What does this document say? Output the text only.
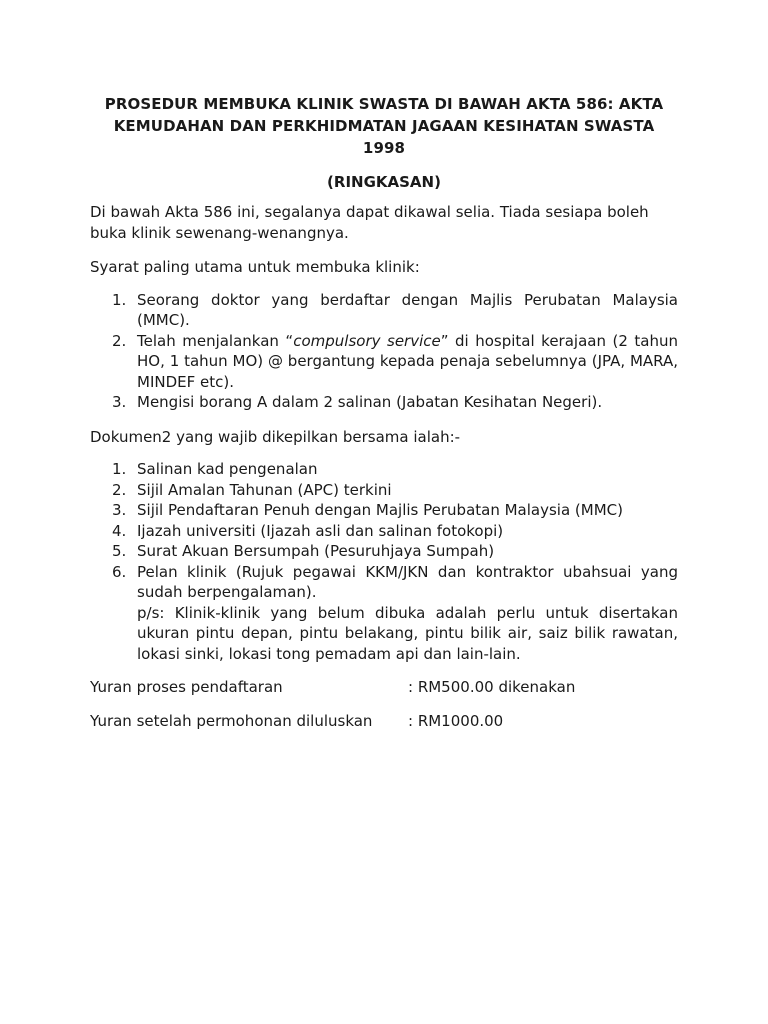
PROSEDUR MEMBUKA KLINIK SWASTA DI BAWAH AKTA 586: AKTA

KEMUDAHAN DAN PERKHIDMATAN JAGAAN KESIHATAN SWASTA 1998

(RINGKASAN)

Di bawah Akta 586 ini, segalanya dapat dikawal selia. Tiada sesiapa boleh buka klinik sewenang-wenangnya.

Syarat paling utama untuk membuka klinik:

1. Seorang doktor yang berdaftar dengan Majlis Perubatan Malaysia (MMC).
2. Telah menjalankan “compulsory service” di hospital kerajaan (2 tahun HO, 1 tahun MO) @ bergantung kepada penaja sebelumnya (JPA, MARA, MINDEF etc).
3. Mengisi borang A dalam 2 salinan (Jabatan Kesihatan Negeri).

Dokumen2 yang wajib dikepilkan bersama ialah:-

1. Salinan kad pengenalan
2. Sijil Amalan Tahunan (APC) terkini
3. Sijil Pendaftaran Penuh dengan Majlis Perubatan Malaysia (MMC)
4. Ijazah universiti (Ijazah asli dan salinan fotokopi)
5. Surat Akuan Bersumpah (Pesuruhjaya Sumpah)
6. Pelan klinik (Rujuk pegawai KKM/JKN dan kontraktor ubahsuai yang sudah berpengalaman).
p/s: Klinik-klinik yang belum dibuka adalah perlu untuk disertakan ukuran pintu depan, pintu belakang, pintu bilik air, saiz bilik rawatan, lokasi sinki, lokasi tong pemadam api dan lain-lain.
Yuran proses pendaftaran	: RM500.00 dikenakan
Yuran setelah permohonan diluluskan : RM1000.00
